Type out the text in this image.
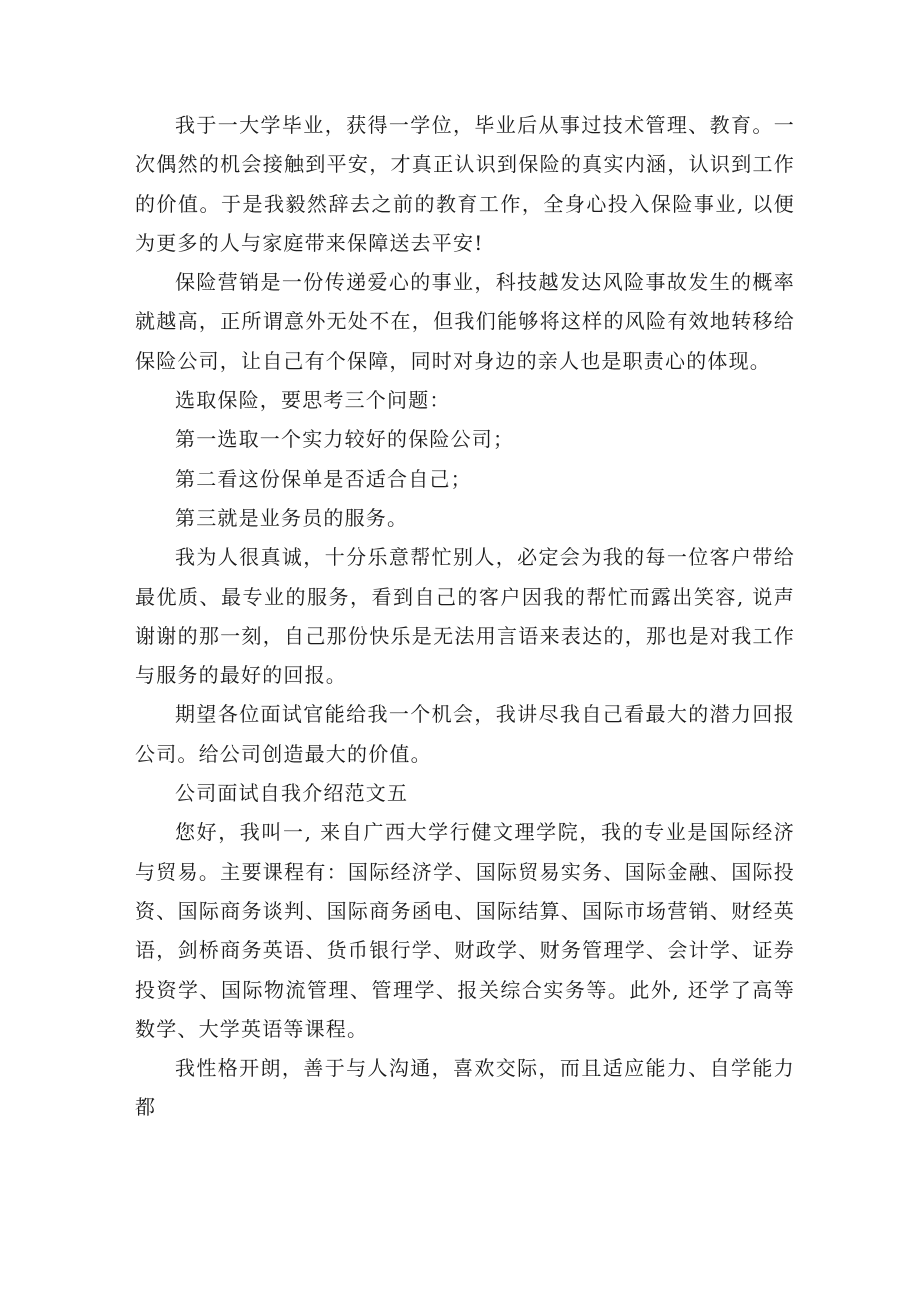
我于一大学毕业，获得一学位，毕业后从事过技术管理、教育。一次偶然的机会接触到平安，才真正认识到保险的真实内涵，认识到工作的价值。于是我毅然辞去之前的教育工作，全身心投入保险事业, 以便为更多的人与家庭带来保障送去平安!

保险营销是一份传递爱心的事业，科技越发达风险事故发生的概率就越高，正所谓意外无处不在，但我们能够将这样的风险有效地转移给保险公司，让自己有个保障，同时对身边的亲人也是职责心的体现。

选取保险，要思考三个问题：

第一选取一个实力较好的保险公司；

第二看这份保单是否适合自己；

第三就是业务员的服务。

我为人很真诚，十分乐意帮忙别人，必定会为我的每一位客户带给最优质、最专业的服务，看到自己的客户因我的帮忙而露出笑容, 说声谢谢的那一刻，自己那份快乐是无法用言语来表达的，那也是对我工作与服务的最好的回报。

期望各位面试官能给我一个机会，我讲尽我自己看最大的潜力回报公司。给公司创造最大的价值。

公司面试自我介绍范文五

您好，我叫一, 来自广西大学行健文理学院，我的专业是国际经济与贸易。主要课程有：国际经济学、国际贸易实务、国际金融、国际投资、国际商务谈判、国际商务函电、国际结算、国际市场营销、财经英语，剑桥商务英语、货币银行学、财政学、财务管理学、会计学、证券投资学、国际物流管理、管理学、报关综合实务等。此外, 还学了高等数学、大学英语等课程。

我性格开朗，善于与人沟通，喜欢交际，而且适应能力、自学能力都
